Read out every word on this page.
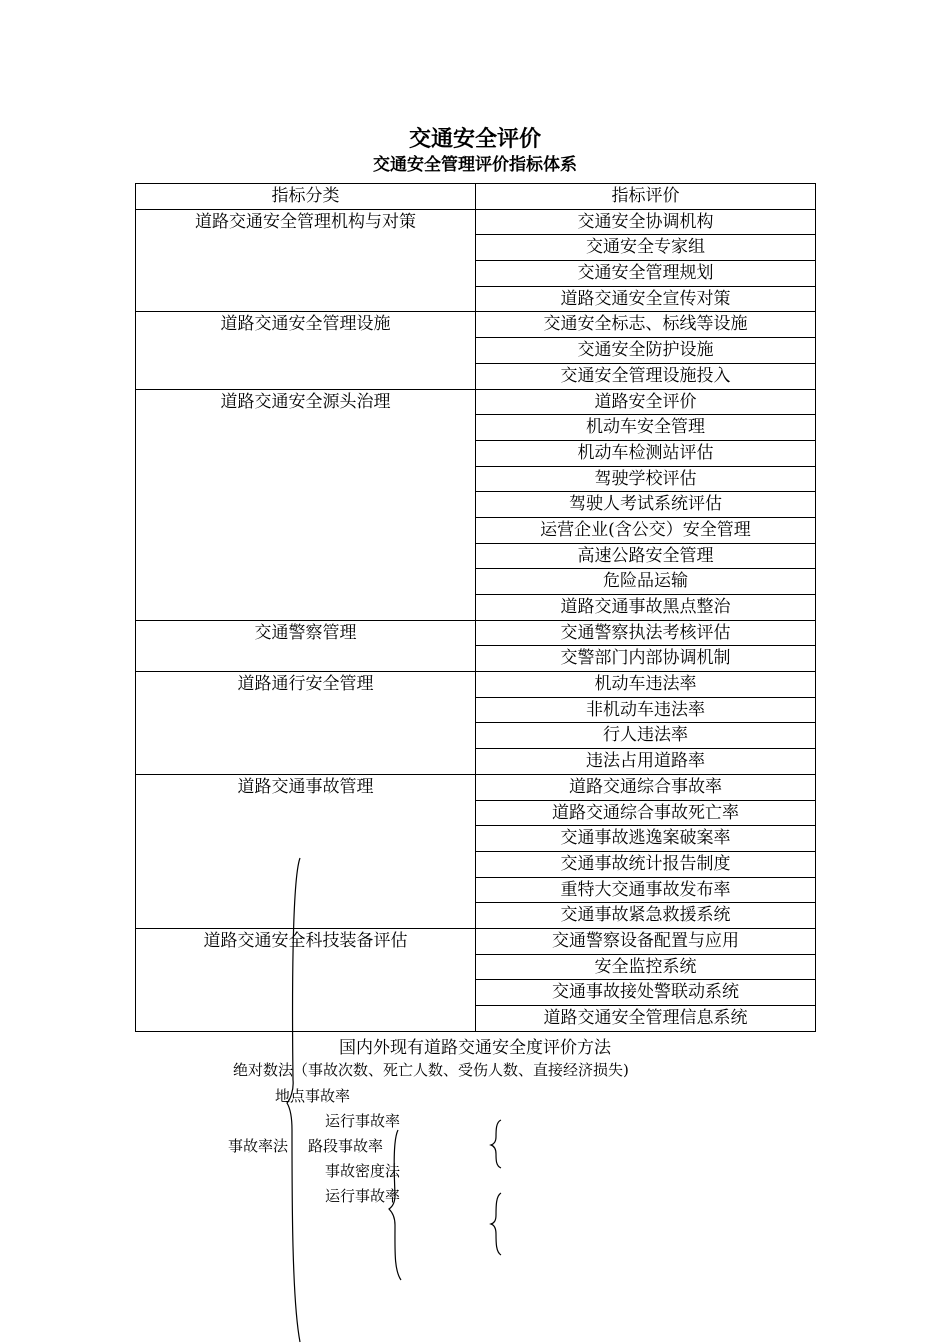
交通安全评价
交通安全管理评价指标体系
指标分类	指标评价
道路交通安全管理机构与对策	交通安全协调机构
	交通安全专家组
	交通安全管理规划
	道路交通安全宣传对策
道路交通安全管理设施	交通安全标志、标线等设施
	交通安全防护设施
	交通安全管理设施投入
道路交通安全源头治理	道路安全评价
	机动车安全管理
	机动车检测站评估
	驾驶学校评估
	驾驶人考试系统评估
	运营企业(含公交）安全管理
	高速公路安全管理
	危险品运输
	道路交通事故黑点整治
交通警察管理	交通警察执法考核评估
	交警部门内部协调机制
道路通行安全管理	机动车违法率
	非机动车违法率
	行人违法率
	违法占用道路率
道路交通事故管理	道路交通综合事故率
	道路交通综合事故死亡率
	交通事故逃逸案破案率
	交通事故统计报告制度
	重特大交通事故发布率
	交通事故紧急救援系统
道路交通安全科技装备评估	交通警察设备配置与应用
	安全监控系统
	交通事故接处警联动系统
	道路交通安全管理信息系统
国内外现有道路交通安全度评价方法
绝对数法（事故次数、死亡人数、受伤人数、直接经济损失)
地点事故率
运行事故率
事故率法 路段事故率
事故密度法
运行事故率
